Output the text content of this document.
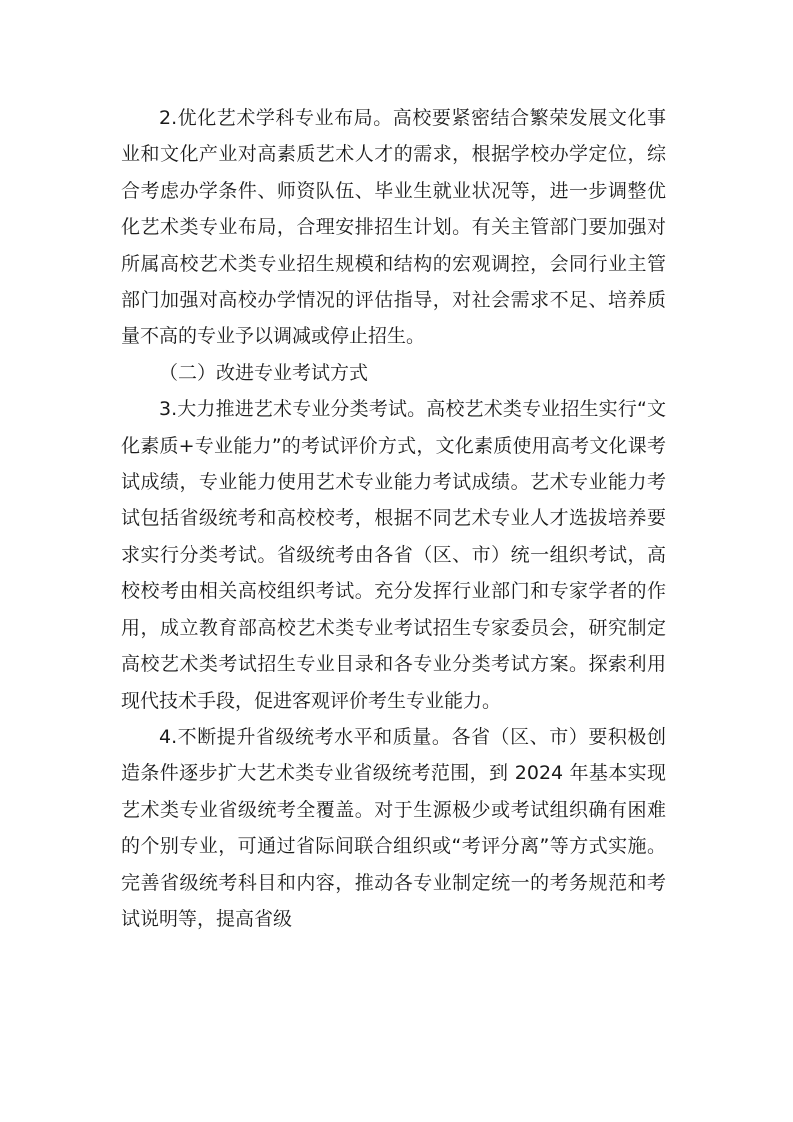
2.优化艺术学科专业布局。高校要紧密结合繁荣发展文化事业和文化产业对高素质艺术人才的需求，根据学校办学定位，综合考虑办学条件、师资队伍、毕业生就业状况等，进一步调整优化艺术类专业布局，合理安排招生计划。有关主管部门要加强对所属高校艺术类专业招生规模和结构的宏观调控，会同行业主管部门加强对高校办学情况的评估指导，对社会需求不足、培养质量不高的专业予以调减或停止招生。

（二）改进专业考试方式

3.大力推进艺术专业分类考试。高校艺术类专业招生实行“文化素质+专业能力”的考试评价方式，文化素质使用高考文化课考试成绩，专业能力使用艺术专业能力考试成绩。艺术专业能力考试包括省级统考和高校校考，根据不同艺术专业人才选拔培养要求实行分类考试。省级统考由各省（区、市）统一组织考试，高校校考由相关高校组织考试。充分发挥行业部门和专家学者的作用，成立教育部高校艺术类专业考试招生专家委员会，研究制定高校艺术类考试招生专业目录和各专业分类考试方案。探索利用现代技术手段，促进客观评价考生专业能力。

4.不断提升省级统考水平和质量。各省（区、市）要积极创造条件逐步扩大艺术类专业省级统考范围，到 2024 年基本实现艺术类专业省级统考全覆盖。对于生源极少或考试组织确有困难的个别专业，可通过省际间联合组织或“考评分离”等方式实施。完善省级统考科目和内容，推动各专业制定统一的考务规范和考试说明等，提高省级
